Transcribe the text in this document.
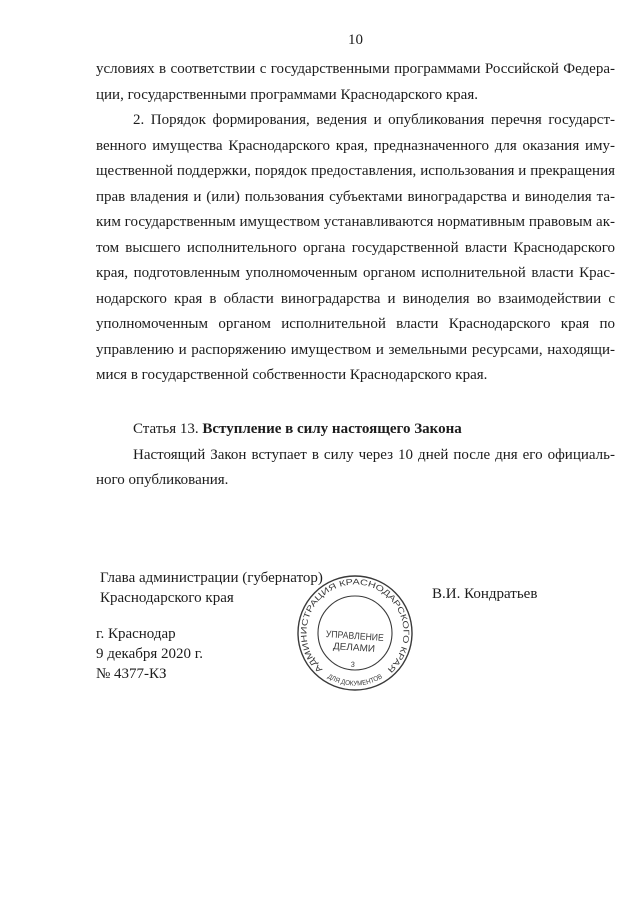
10
условиях в соответствии с государственными программами Российской Федера-
ции, государственными программами Краснодарского края.
2. Порядок формирования, ведения и опубликования перечня государст-
венного имущества Краснодарского края, предназначенного для оказания иму-
щественной поддержки, порядок предоставления, использования и прекращения
прав владения и (или) пользования субъектами виноградарства и виноделия та-
ким государственным имуществом устанавливаются нормативным правовым ак-
том высшего исполнительного органа государственной власти Краснодарского
края, подготовленным уполномоченным органом исполнительной власти Крас-
нодарского края в области виноградарства и виноделия во взаимодействии с
уполномоченным органом исполнительной власти Краснодарского края по
управлению и распоряжению имуществом и земельными ресурсами, находящи-
мися в государственной собственности Краснодарского края.
Статья 13. Вступление в силу настоящего Закона
Настоящий Закон вступает в силу через 10 дней после дня его официаль-
ного опубликования.
Глава администрации (губернатор)
Краснодарского края	В.И. Кондратьев
г. Краснодар
9 декабря 2020 г.
№ 4377-КЗ	АДМИНИСТРАЦИЯ КРАСНОДАРСКОГО КРАЯ
ДЛЯ ДОКУМЕНТОВ
УПРАВЛЕНИЕ
ДЕЛАМИ
3
